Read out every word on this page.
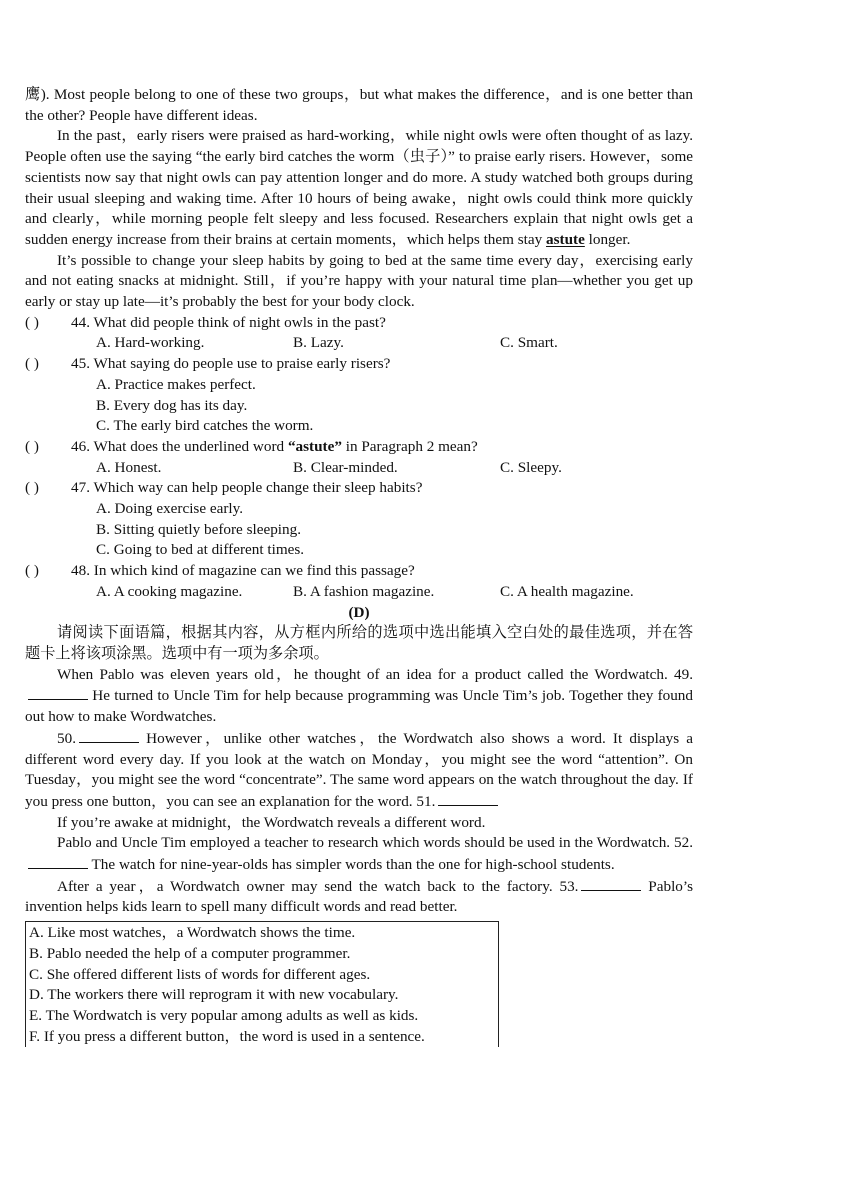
鹰). Most people belong to one of these two groups，but what makes the difference，and is one better than the other? People have different ideas.

In the past，early risers were praised as hard-working，while night owls were often thought of as lazy. People often use the saying “the early bird catches the worm（虫子）” to praise early risers. However，some scientists now say that night owls can pay attention longer and do more. A study watched both groups during their usual sleeping and waking time. After 10 hours of being awake，night owls could think more quickly and clearly，while morning people felt sleepy and less focused. Researchers explain that night owls get a sudden energy increase from their brains at certain moments，which helps them stay astute longer.

It’s possible to change your sleep habits by going to bed at the same time every day，exercising early and not eating snacks at midnight. Still，if you’re happy with your natural time plan—whether you get up early or stay up late—it’s probably the best for your body clock.

( )	44. What did people think of night owls in the past?
A. Hard-working.	B. Lazy.	C. Smart.
( )	45. What saying do people use to praise early risers?

A. Practice makes perfect.

B. Every dog has its day.

C. The early bird catches the worm.

( )	46. What does the underlined word “astute” in Paragraph 2 mean?
A. Honest.	B. Clear-minded.	C. Sleepy.
( )	47. Which way can help people change their sleep habits?

A. Doing exercise early.

B. Sitting quietly before sleeping.

C. Going to bed at different times.

( )	48. In which kind of magazine can we find this passage?
A. A cooking magazine.	B. A fashion magazine.	C. A health magazine.

(D)

请阅读下面语篇，根据其内容，从方框内所给的选项中选出能填入空白处的最佳选项，并在答题卡上将该项涂黑。选项中有一项为多余项。

When Pablo was eleven years old，he thought of an idea for a product called the Wordwatch. 49. He turned to Uncle Tim for help because programming was Uncle Tim’s job. Together they found out how to make Wordwatches.

50.	However，unlike other watches，the Wordwatch also shows a word. It displays a different word every day. If you look at the watch on Monday，you might see the word “attention”. On Tuesday，you might see the word “concentrate”. The same word appears on the watch throughout the day. If you press one button，you can see an explanation for the word. 51.

If you’re awake at midnight，the Wordwatch reveals a different word.

Pablo and Uncle Tim employed a teacher to research which words should be used in the Wordwatch. 52. The watch for nine-year-olds has simpler words than the one for high-school students.

After a year，a Wordwatch owner may send the watch back to the factory. 53.	Pablo’s invention helps kids learn to spell many difficult words and read better.

A. Like most watches，a Wordwatch shows the time.

B. Pablo needed the help of a computer programmer.

C. She offered different lists of words for different ages.

D. The workers there will reprogram it with new vocabulary.

E. The Wordwatch is very popular among adults as well as kids.

F. If you press a different button，the word is used in a sentence.
